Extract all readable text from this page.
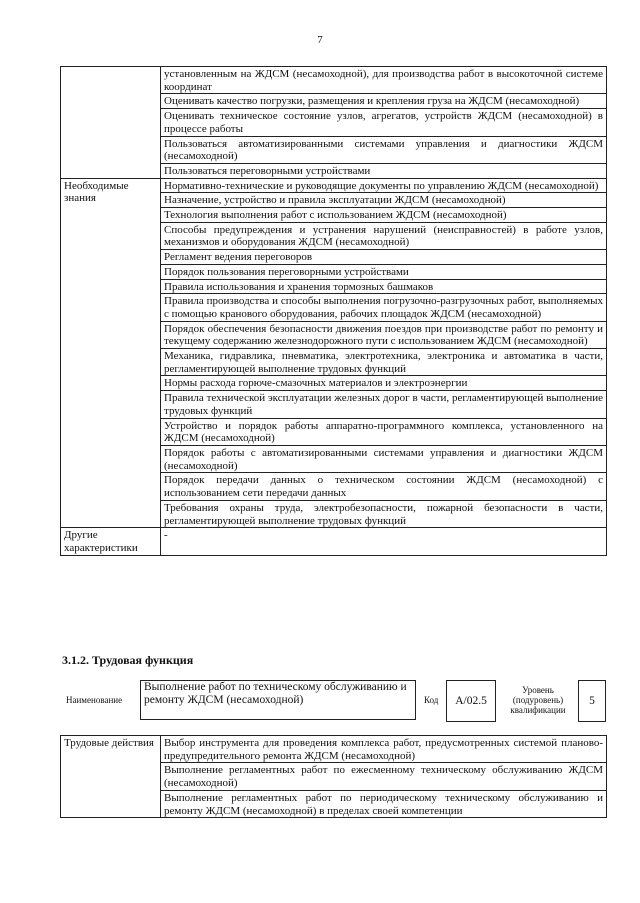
7
	установленным на ЖДСМ (несамоходной), для производства работ в высокоточной системе координат
	Оценивать качество погрузки, размещения и крепления груза на ЖДСМ (несамоходной)
	Оценивать техническое состояние узлов, агрегатов, устройств ЖДСМ (несамоходной) в процессе работы
	Пользоваться автоматизированными системами управления и диагностики ЖДСМ (несамоходной)
	Пользоваться переговорными устройствами
Необходимые знания	Нормативно-технические и руководящие документы по управлению ЖДСМ (несамоходной)
	Назначение, устройство и правила эксплуатации ЖДСМ (несамоходной)
	Технология выполнения работ с использованием ЖДСМ (несамоходной)
	Способы предупреждения и устранения нарушений (неисправностей) в работе узлов, механизмов и оборудования ЖДСМ (несамоходной)
	Регламент ведения переговоров
	Порядок пользования переговорными устройствами
	Правила использования и хранения тормозных башмаков
	Правила производства и способы выполнения погрузочно-разгрузочных работ, выполняемых с помощью кранового оборудования, рабочих площадок ЖДСМ (несамоходной)
	Порядок обеспечения безопасности движения поездов при производстве работ по ремонту и текущему содержанию железнодорожного пути с использованием ЖДСМ (несамоходной)
	Механика, гидравлика, пневматика, электротехника, электроника и автоматика в части, регламентирующей выполнение трудовых функций
	Нормы расхода горюче-смазочных материалов и электроэнергии
	Правила технической эксплуатации железных дорог в части, регламентирующей выполнение трудовых функций
	Устройство и порядок работы аппаратно-программного комплекса, установленного на ЖДСМ (несамоходной)
	Порядок работы с автоматизированными системами управления и диагностики ЖДСМ (несамоходной)
	Порядок передачи данных о техническом состоянии ЖДСМ (несамоходной) с использованием сети передачи данных
	Требования охраны труда, электробезопасности, пожарной безопасности в части, регламентирующей выполнение трудовых функций
Другие характеристики	-
3.1.2. Трудовая функция
Наименование
Выполнение работ по техническому обслуживанию и ремонту ЖДСМ (несамоходной)	Код	A/02.5
Уровень (подуровень) квалификации
5
Трудовые действия	Выбор инструмента для проведения комплекса работ, предусмотренных системой планово-предупредительного ремонта ЖДСМ (несамоходной)
Выполнение регламентных работ по ежесменному техническому обслуживанию ЖДСМ (несамоходной)
Выполнение регламентных работ по периодическому техническому обслуживанию и ремонту ЖДСМ (несамоходной) в пределах своей компетенции
